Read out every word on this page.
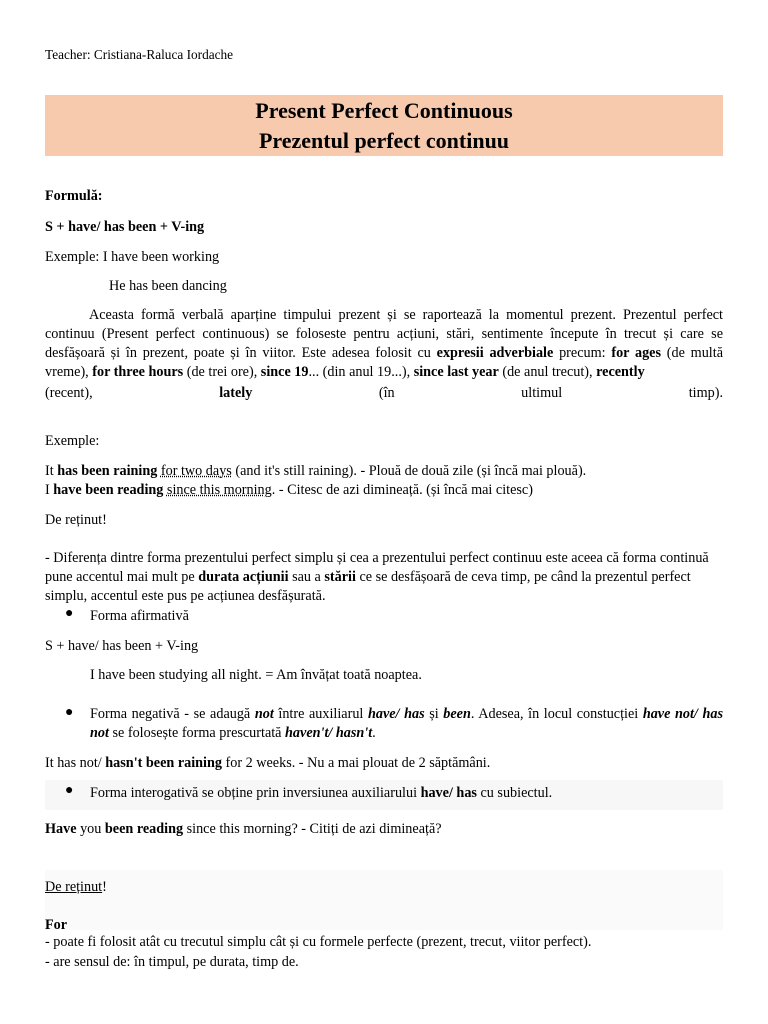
Teacher: Cristiana-Raluca Iordache
Present Perfect Continuous
Prezentul perfect continuu
Formulă:
S + have/ has been + V-ing
Exemple: I have been working
He has been dancing
Aceasta formă verbală aparține timpului prezent și se raportează la momentul prezent. Prezentul perfect continuu (Present perfect continuous) se foloseste pentru acțiuni, stări, sentimente începute în trecut și care se desfășoară și în prezent, poate și în viitor. Este adesea folosit cu expresii adverbiale precum: for ages (de multă vreme), for three hours (de trei ore), since 19... (din anul 19...), since last year (de anul trecut), recently
(recent),	lately	(în	ultimul	timp).
Exemple:
It has been raining for two days (and it's still raining). - Plouă de două zile (și încă mai plouă).
I have been reading since this morning. - Citesc de azi dimineață. (și încă mai citesc)
De reținut!
- Diferența dintre forma prezentului perfect simplu și cea a prezentului perfect continuu este aceea că forma continuă pune accentul mai mult pe durata acțiunii sau a stării ce se desfășoară de ceva timp, pe când la prezentul perfect simplu, accentul este pus pe acțiunea desfășurată.
● Forma afirmativă
S + have/ has been + V-ing
I have been studying all night. = Am învățat toată noaptea.
● Forma negativă - se adaugă not între auxiliarul have/ has și been. Adesea, în locul constucției have not/ has not se folosește forma prescurtată haven't/ hasn't.
It has not/ hasn't been raining for 2 weeks. - Nu a mai plouat de 2 săptămâni.
● Forma interogativă se obține prin inversiunea auxiliarului have/ has cu subiectul.
Have you been reading since this morning? - Citiți de azi dimineață?
De reținut!
For
- poate fi folosit atât cu trecutul simplu cât și cu formele perfecte (prezent, trecut, viitor perfect).
- are sensul de: în timpul, pe durata, timp de.
